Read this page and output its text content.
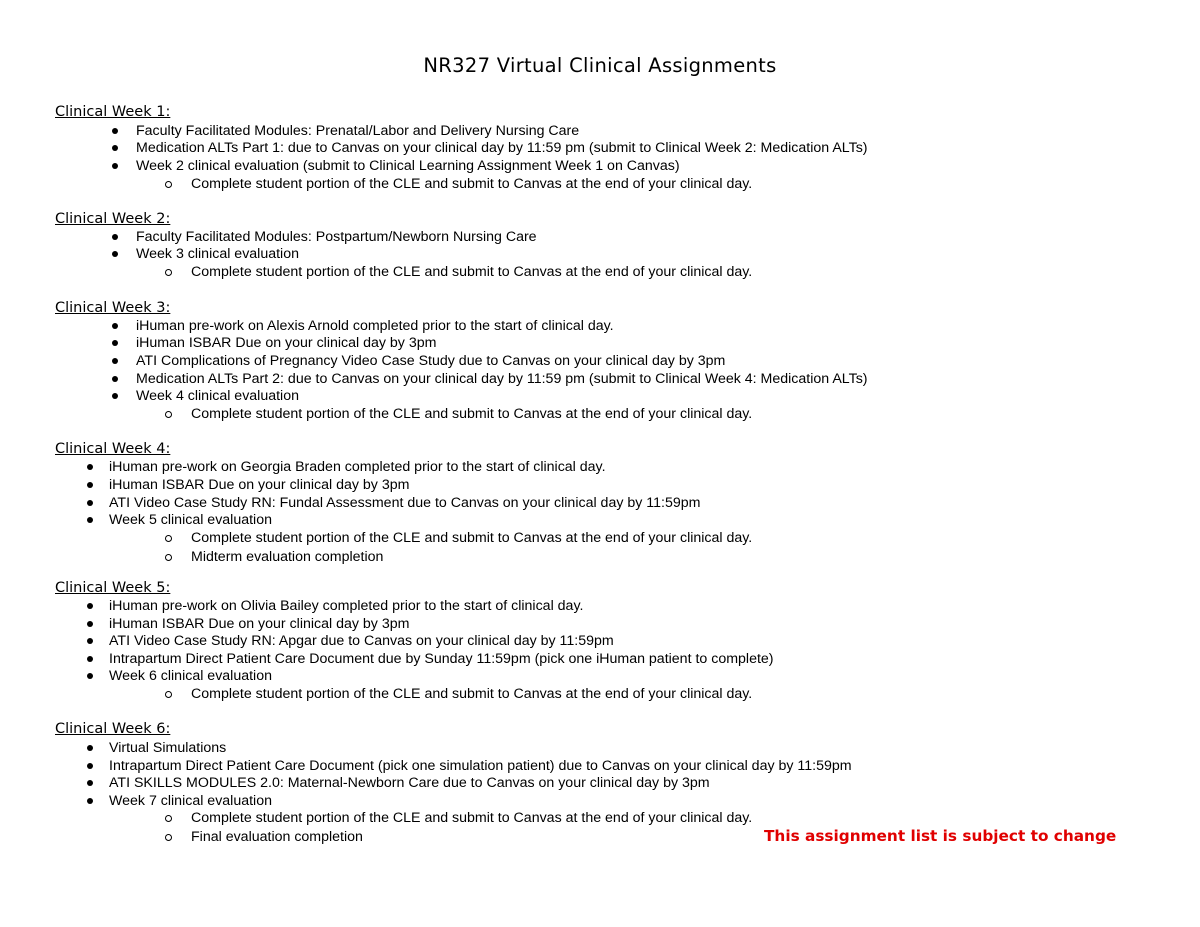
NR327 Virtual Clinical Assignments
Clinical Week 1:
Faculty Facilitated Modules: Prenatal/Labor and Delivery Nursing Care
Medication ALTs Part 1: due to Canvas on your clinical day by 11:59 pm (submit to Clinical Week 2: Medication ALTs)
Week 2 clinical evaluation (submit to Clinical Learning Assignment Week 1 on Canvas)
Complete student portion of the CLE and submit to Canvas at the end of your clinical day.
Clinical Week 2:
Faculty Facilitated Modules: Postpartum/Newborn Nursing Care
Week 3 clinical evaluation
Complete student portion of the CLE and submit to Canvas at the end of your clinical day.
Clinical Week 3:
iHuman pre-work on Alexis Arnold completed prior to the start of clinical day.
iHuman ISBAR Due on your clinical day by 3pm
ATI Complications of Pregnancy Video Case Study due to Canvas on your clinical day by 3pm
Medication ALTs Part 2: due to Canvas on your clinical day by 11:59 pm (submit to Clinical Week 4: Medication ALTs)
Week 4 clinical evaluation
Complete student portion of the CLE and submit to Canvas at the end of your clinical day.
Clinical Week 4:
iHuman pre-work on Georgia Braden completed prior to the start of clinical day.
iHuman ISBAR Due on your clinical day by 3pm
ATI Video Case Study RN: Fundal Assessment due to Canvas on your clinical day by 11:59pm
Week 5 clinical evaluation
Complete student portion of the CLE and submit to Canvas at the end of your clinical day.
Midterm evaluation completion
Clinical Week 5:
iHuman pre-work on Olivia Bailey completed prior to the start of clinical day.
iHuman ISBAR Due on your clinical day by 3pm
ATI Video Case Study RN: Apgar due to Canvas on your clinical day by 11:59pm
Intrapartum Direct Patient Care Document due by Sunday 11:59pm (pick one iHuman patient to complete)
Week 6 clinical evaluation
Complete student portion of the CLE and submit to Canvas at the end of your clinical day.
Clinical Week 6:
Virtual Simulations
Intrapartum Direct Patient Care Document (pick one simulation patient) due to Canvas on your clinical day by 11:59pm
ATI SKILLS MODULES 2.0: Maternal-Newborn Care due to Canvas on your clinical day by 3pm
Week 7 clinical evaluation
Complete student portion of the CLE and submit to Canvas at the end of your clinical day.
Final evaluation completion	This assignment list is subject to change
